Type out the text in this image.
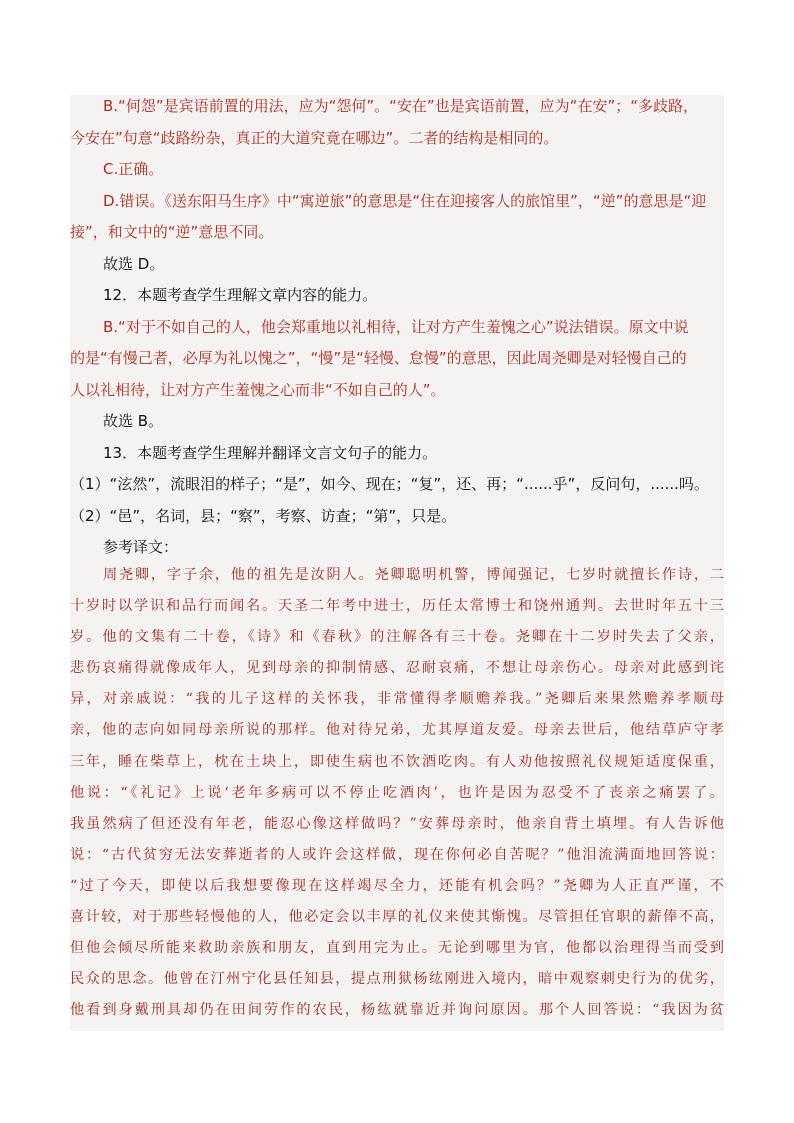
B.“何怨”是宾语前置的用法，应为“怨何”。“安在”也是宾语前置，应为“在安”；“多歧路，
今安在”句意“歧路纷杂，真正的大道究竟在哪边”。二者的结构是相同的。
C.正确。
D.错误。《送东阳马生序》中“寓逆旅”的意思是“住在迎接客人的旅馆里”，“逆”的意思是“迎
接”，和文中的“逆”意思不同。
故选 D。
12．本题考查学生理解文章内容的能力。
B.“对于不如自己的人，他会郑重地以礼相待，让对方产生羞愧之心”说法错误。原文中说
的是“有慢己者，必厚为礼以愧之”，“慢”是“轻慢、怠慢”的意思，因此周尧卿是对轻慢自己的
人以礼相待，让对方产生羞愧之心而非“不如自己的人”。
故选 B。
13．本题考查学生理解并翻译文言文句子的能力。
（1）“泫然”，流眼泪的样子；“是”，如今、现在；“复”，还、再；“......乎”，反问句，......吗。
（2）“邑”，名词，县；“察”，考察、访查；“第”，只是。
参考译文：
周尧卿，字子余，他的祖先是汝阴人。尧卿聪明机警，博闻强记，七岁时就擅长作诗，二
十岁时以学识和品行而闻名。天圣二年考中进士，历任太常博士和饶州通判。去世时年五十三
岁。他的文集有二十卷，《诗》和《春秋》的注解各有三十卷。尧卿在十二岁时失去了父亲，
悲伤哀痛得就像成年人，见到母亲的抑制情感、忍耐哀痛，不想让母亲伤心。母亲对此感到诧
异，对亲戚说：“我的儿子这样的关怀我，非常懂得孝顺赡养我。”尧卿后来果然赡养孝顺母
亲，他的志向如同母亲所说的那样。他对待兄弟，尤其厚道友爱。母亲去世后，他结草庐守孝
三年，睡在柴草上，枕在土块上，即使生病也不饮酒吃肉。有人劝他按照礼仪规矩适度保重，
他说：“《礼记》上说‘老年多病可以不停止吃酒肉’，也许是因为忍受不了丧亲之痛罢了。
我虽然病了但还没有年老，能忍心像这样做吗？”安葬母亲时，他亲自背土填埋。有人告诉他
说：“古代贫穷无法安葬逝者的人或许会这样做，现在你何必自苦呢？”他泪流满面地回答说：
“过了今天，即使以后我想要像现在这样竭尽全力，还能有机会吗？”尧卿为人正直严谨，不
喜计较，对于那些轻慢他的人，他必定会以丰厚的礼仪来使其惭愧。尽管担任官职的薪俸不高，
但他会倾尽所能来救助亲族和朋友，直到用完为止。无论到哪里为官，他都以治理得当而受到
民众的思念。他曾在汀州宁化县任知县，提点刑狱杨纮刚进入境内，暗中观察刺史行为的优劣，
他看到身戴刑具却仍在田间劳作的农民，杨纮就靠近并询问原因。那个人回答说：“我因为贫
